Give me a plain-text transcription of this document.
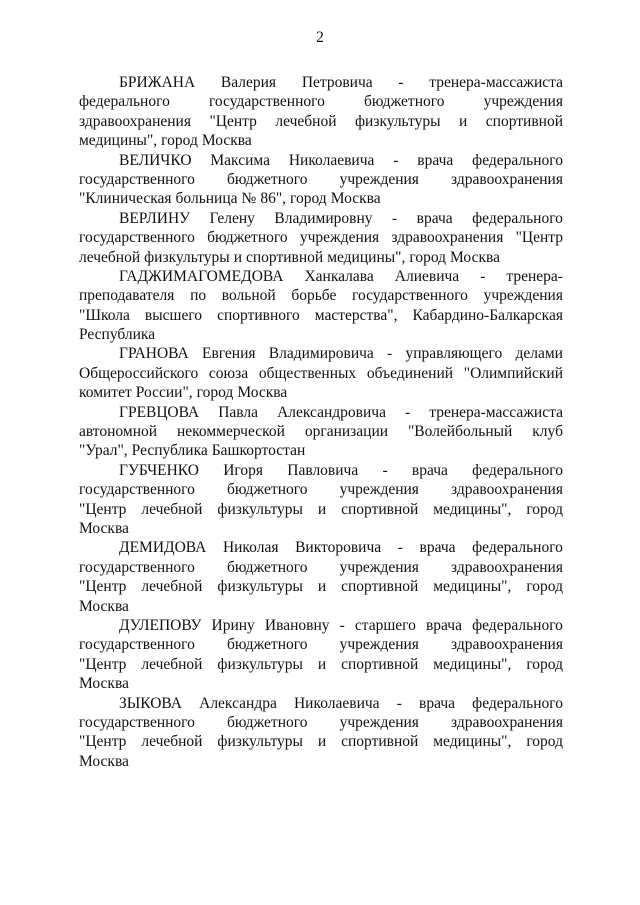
2
БРИЖАНА Валерия Петровича - тренера-массажиста
федерального	государственного	бюджетного	учреждения
здравоохранения "Центр лечебной физкультуры и спортивной
медицины", город Москва
ВЕЛИЧКО Максима Николаевича - врача федерального
государственного бюджетного учреждения здравоохранения
"Клиническая больница № 86", город Москва
ВЕРЛИНУ Гелену Владимировну - врача федерального
государственного бюджетного учреждения здравоохранения "Центр
лечебной физкультуры и спортивной медицины", город Москва
ГАДЖИМАГОМЕДОВА Ханкалава Алиевича - тренера-
преподавателя по вольной борьбе государственного учреждения
"Школа высшего спортивного мастерства", Кабардино-Балкарская
Республика
ГРАНОВА Евгения Владимировича - управляющего делами
Общероссийского союза общественных объединений "Олимпийский
комитет России", город Москва
ГРЕВЦОВА Павла Александровича - тренера-массажиста
автономной некоммерческой организации "Волейбольный клуб
"Урал", Республика Башкортостан
ГУБЧЕНКО Игоря Павловича - врача федерального
государственного бюджетного учреждения здравоохранения
"Центр лечебной физкультуры и спортивной медицины", город
Москва
ДЕМИДОВА Николая Викторовича - врача федерального
государственного бюджетного учреждения здравоохранения
"Центр лечебной физкультуры и спортивной медицины", город
Москва
ДУЛЕПОВУ Ирину Ивановну - старшего врача федерального
государственного бюджетного учреждения здравоохранения
"Центр лечебной физкультуры и спортивной медицины", город
Москва
ЗЫКОВА Александра Николаевича - врача федерального
государственного бюджетного учреждения здравоохранения
"Центр лечебной физкультуры и спортивной медицины", город
Москва
